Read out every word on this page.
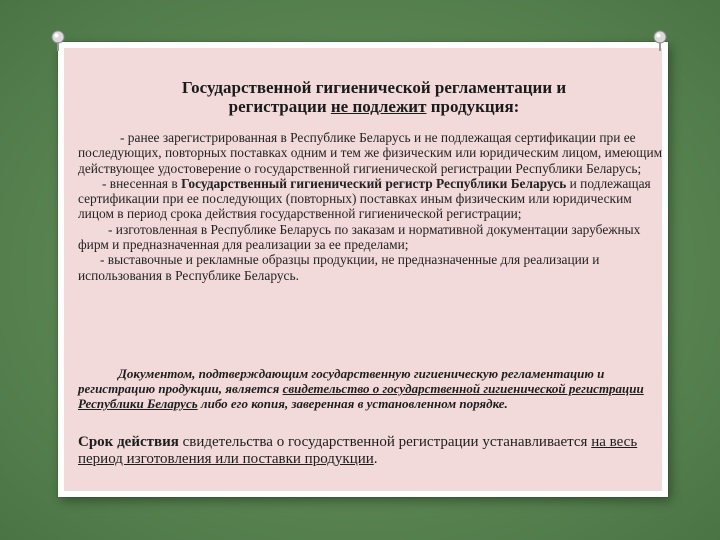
Государственной гигиенической регламентации и
регистрации не подлежит продукция:

- ранее зарегистрированная в Республике Беларусь и не подлежащая сертификации при ее последующих, повторных поставках одним и тем же физическим или юридическим лицом, имеющим действующее удостоверение о государственной гигиенической регистрации Республики Беларусь;

- внесенная в Государственный гигиенический регистр Республики Беларусь и подлежащая сертификации при ее последующих (повторных) поставках иным физическим или юридическим лицом в период срока действия государственной гигиенической регистрации;

- изготовленная в Республике Беларусь по заказам и нормативной документации зарубежных фирм и предназначенная для реализации за ее пределами;

- выставочные и рекламные образцы продукции, не предназначенные для реализации и использования в Республике Беларусь.

Документом, подтверждающим государственную гигиеническую регламентацию и регистрацию продукции, является свидетельство о государственной гигиенической регистрации Республики Беларусь либо его копия, заверенная в установленном порядке.
Срок действия свидетельства о государственной регистрации устанавливается на весь период изготовления или поставки продукции.
